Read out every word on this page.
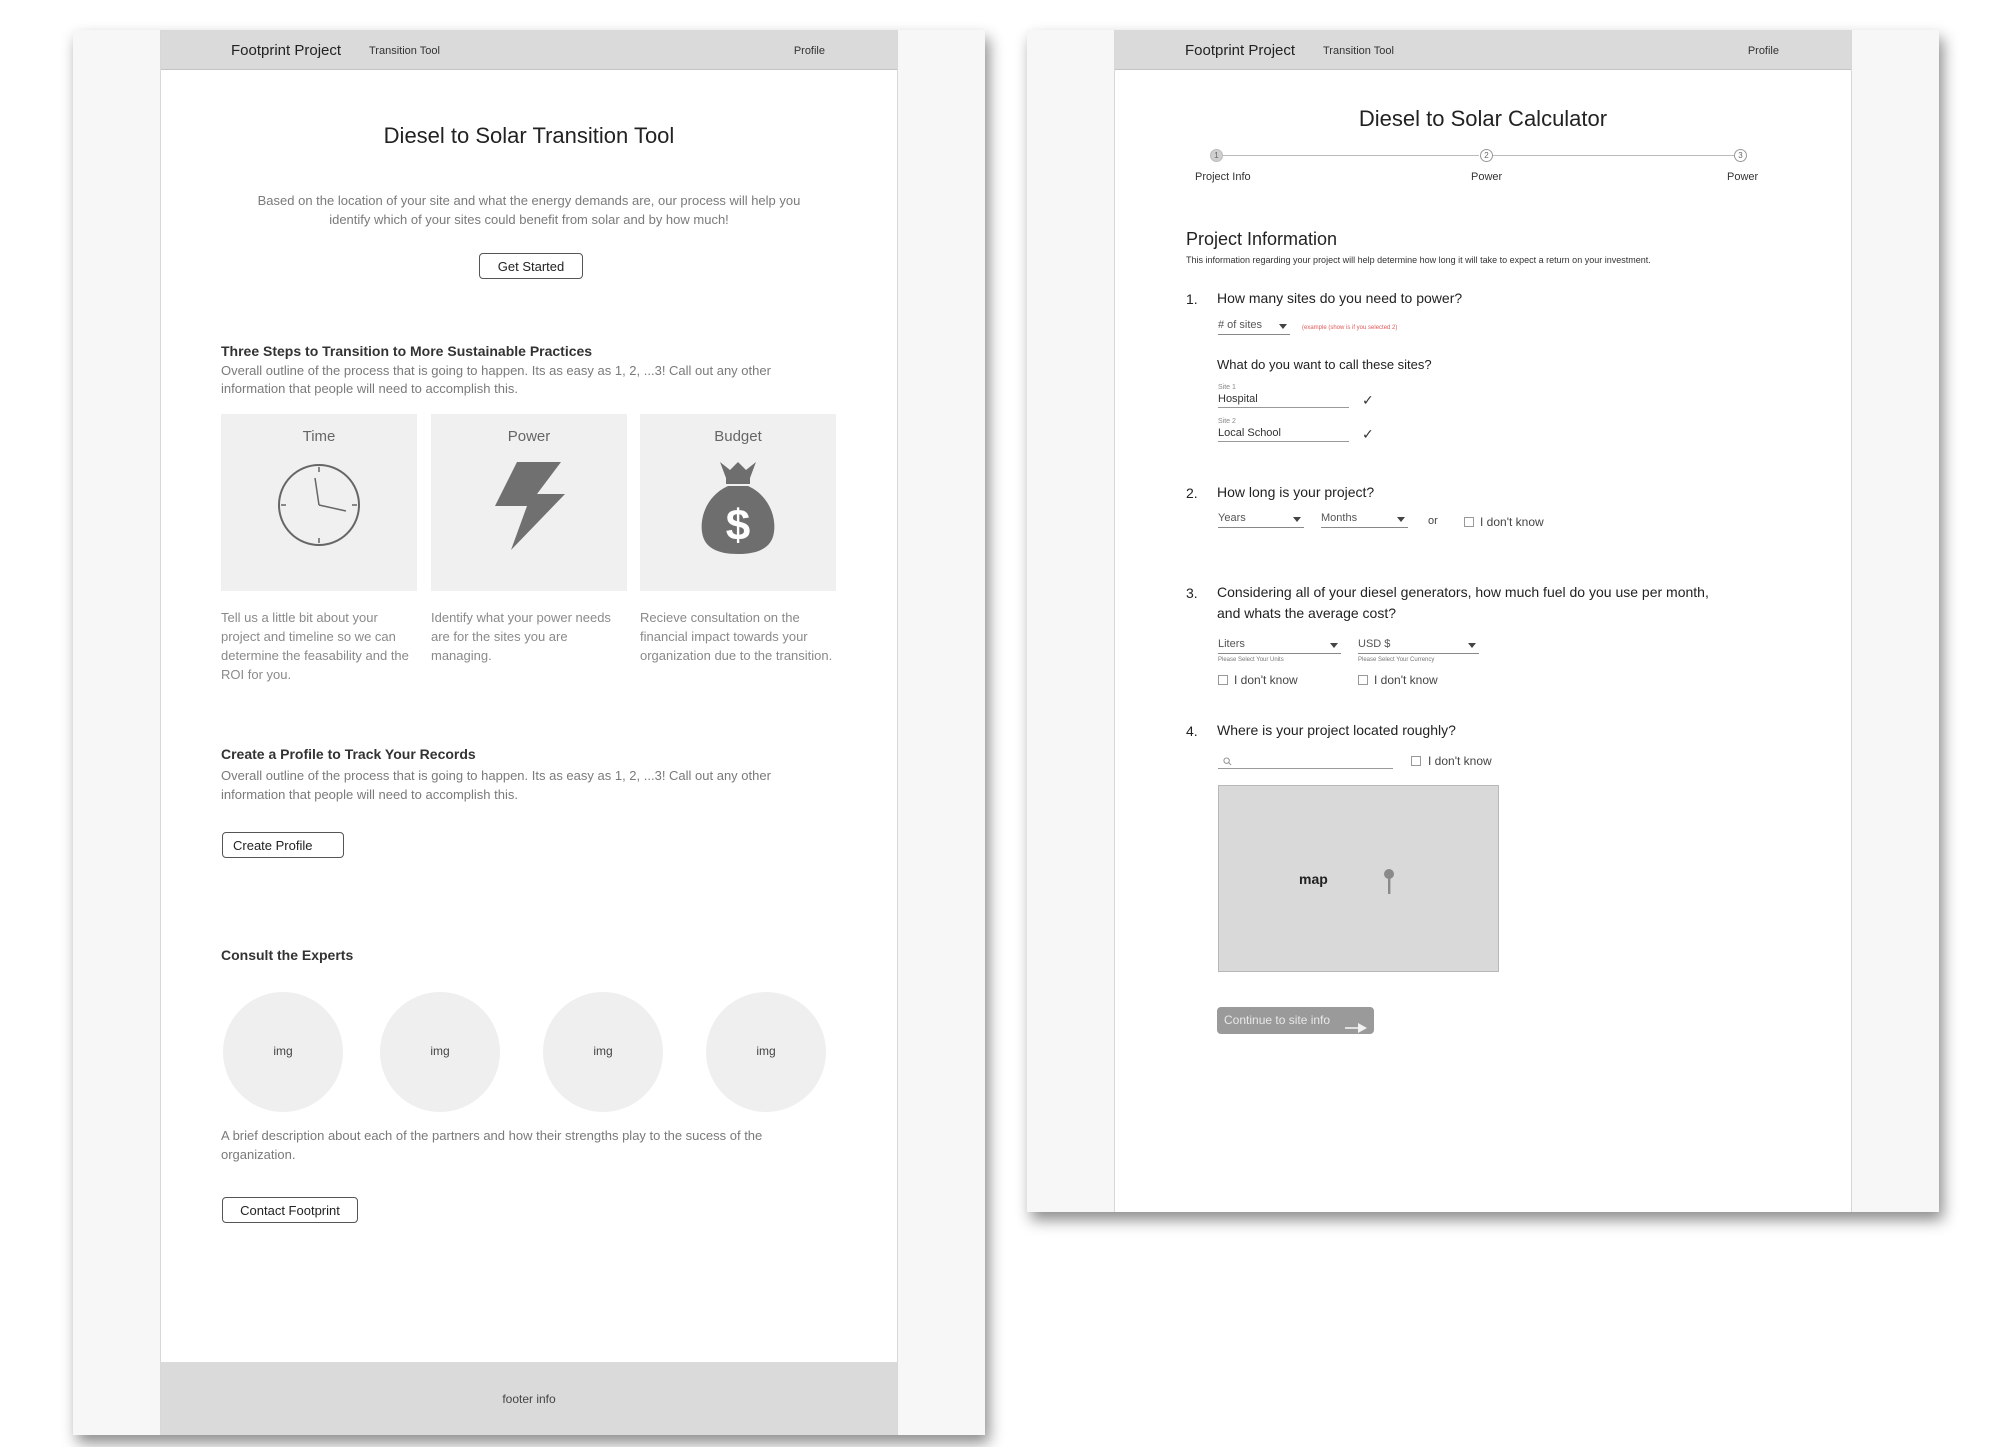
Footprint Project	Transition Tool	Profile
Diesel to Solar Transition Tool
Based on the location of your site and what the energy demands are, our process will help you
identify which of your sites could benefit from solar and by how much!
Get Started
Three Steps to Transition to More Sustainable Practices
Overall outline of the process that is going to happen. Its as easy as 1, 2, ...3! Call out any other
information that people will need to accomplish this.
Time	Power	Budget
$
Tell us a little bit about your project and timeline so we can determine the feasability and the ROI for you.
Identify what your power needs are for the sites you are managing.
Recieve consultation on the financial impact towards your organization due to the transition.
Create a Profile to Track Your Records
Overall outline of the process that is going to happen. Its as easy as 1, 2, ...3! Call out any other
information that people will need to accomplish this.
Create Profile
Consult the Experts
img	img	img	img
A brief description about each of the partners and how their strengths play to the sucess of the
organization.
Contact Footprint
footer info
Footprint Project	Transition Tool	Profile
Diesel to Solar Calculator
1	2	3
Project Info	Power	Power
Project Information
This information regarding your project will help determine how long it will take to expect a return on your investment.
1. How many sites do you need to power?
# of sites	(example (show is if you selected 2)
What do you want to call these sites?
Site 1
Hospital	✓
Site 2
Local School	✓
2. How long is your project?
Years	Months	or	I don't know
3. Considering all of your diesel generators, how much fuel do you use per month,
and whats the average cost?
Liters
Please Select Your Units
USD $
Please Select Your Currency
I don't know	I don't know
4. Where is your project located roughly?
I don't know
map
Continue to site info
